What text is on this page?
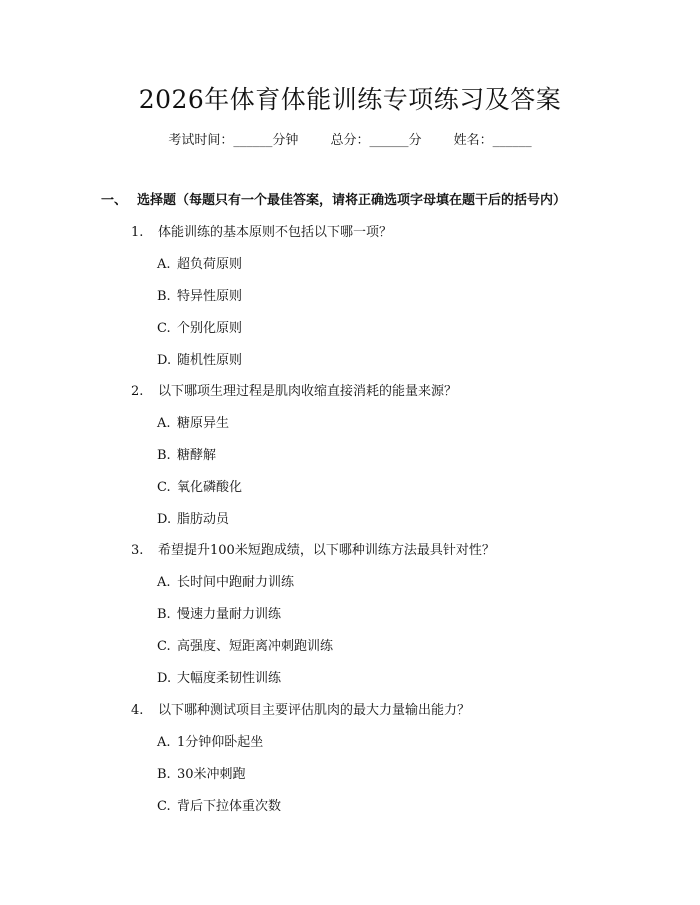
2026年体育体能训练专项练习及答案
考试时间：______分钟 总分：______分 姓名：______
一、 选择题（每题只有一个最佳答案，请将正确选项字母填在题干后的括号内）
1. 体能训练的基本原则不包括以下哪一项？
A. 超负荷原则
B. 特异性原则
C. 个别化原则
D. 随机性原则
2. 以下哪项生理过程是肌肉收缩直接消耗的能量来源？
A. 糖原异生
B. 糖酵解
C. 氧化磷酸化
D. 脂肪动员
3. 希望提升100米短跑成绩，以下哪种训练方法最具针对性？
A. 长时间中跑耐力训练
B. 慢速力量耐力训练
C. 高强度、短距离冲刺跑训练
D. 大幅度柔韧性训练
4. 以下哪种测试项目主要评估肌肉的最大力量输出能力？
A. 1分钟仰卧起坐
B. 30米冲刺跑
C. 背后下拉体重次数
